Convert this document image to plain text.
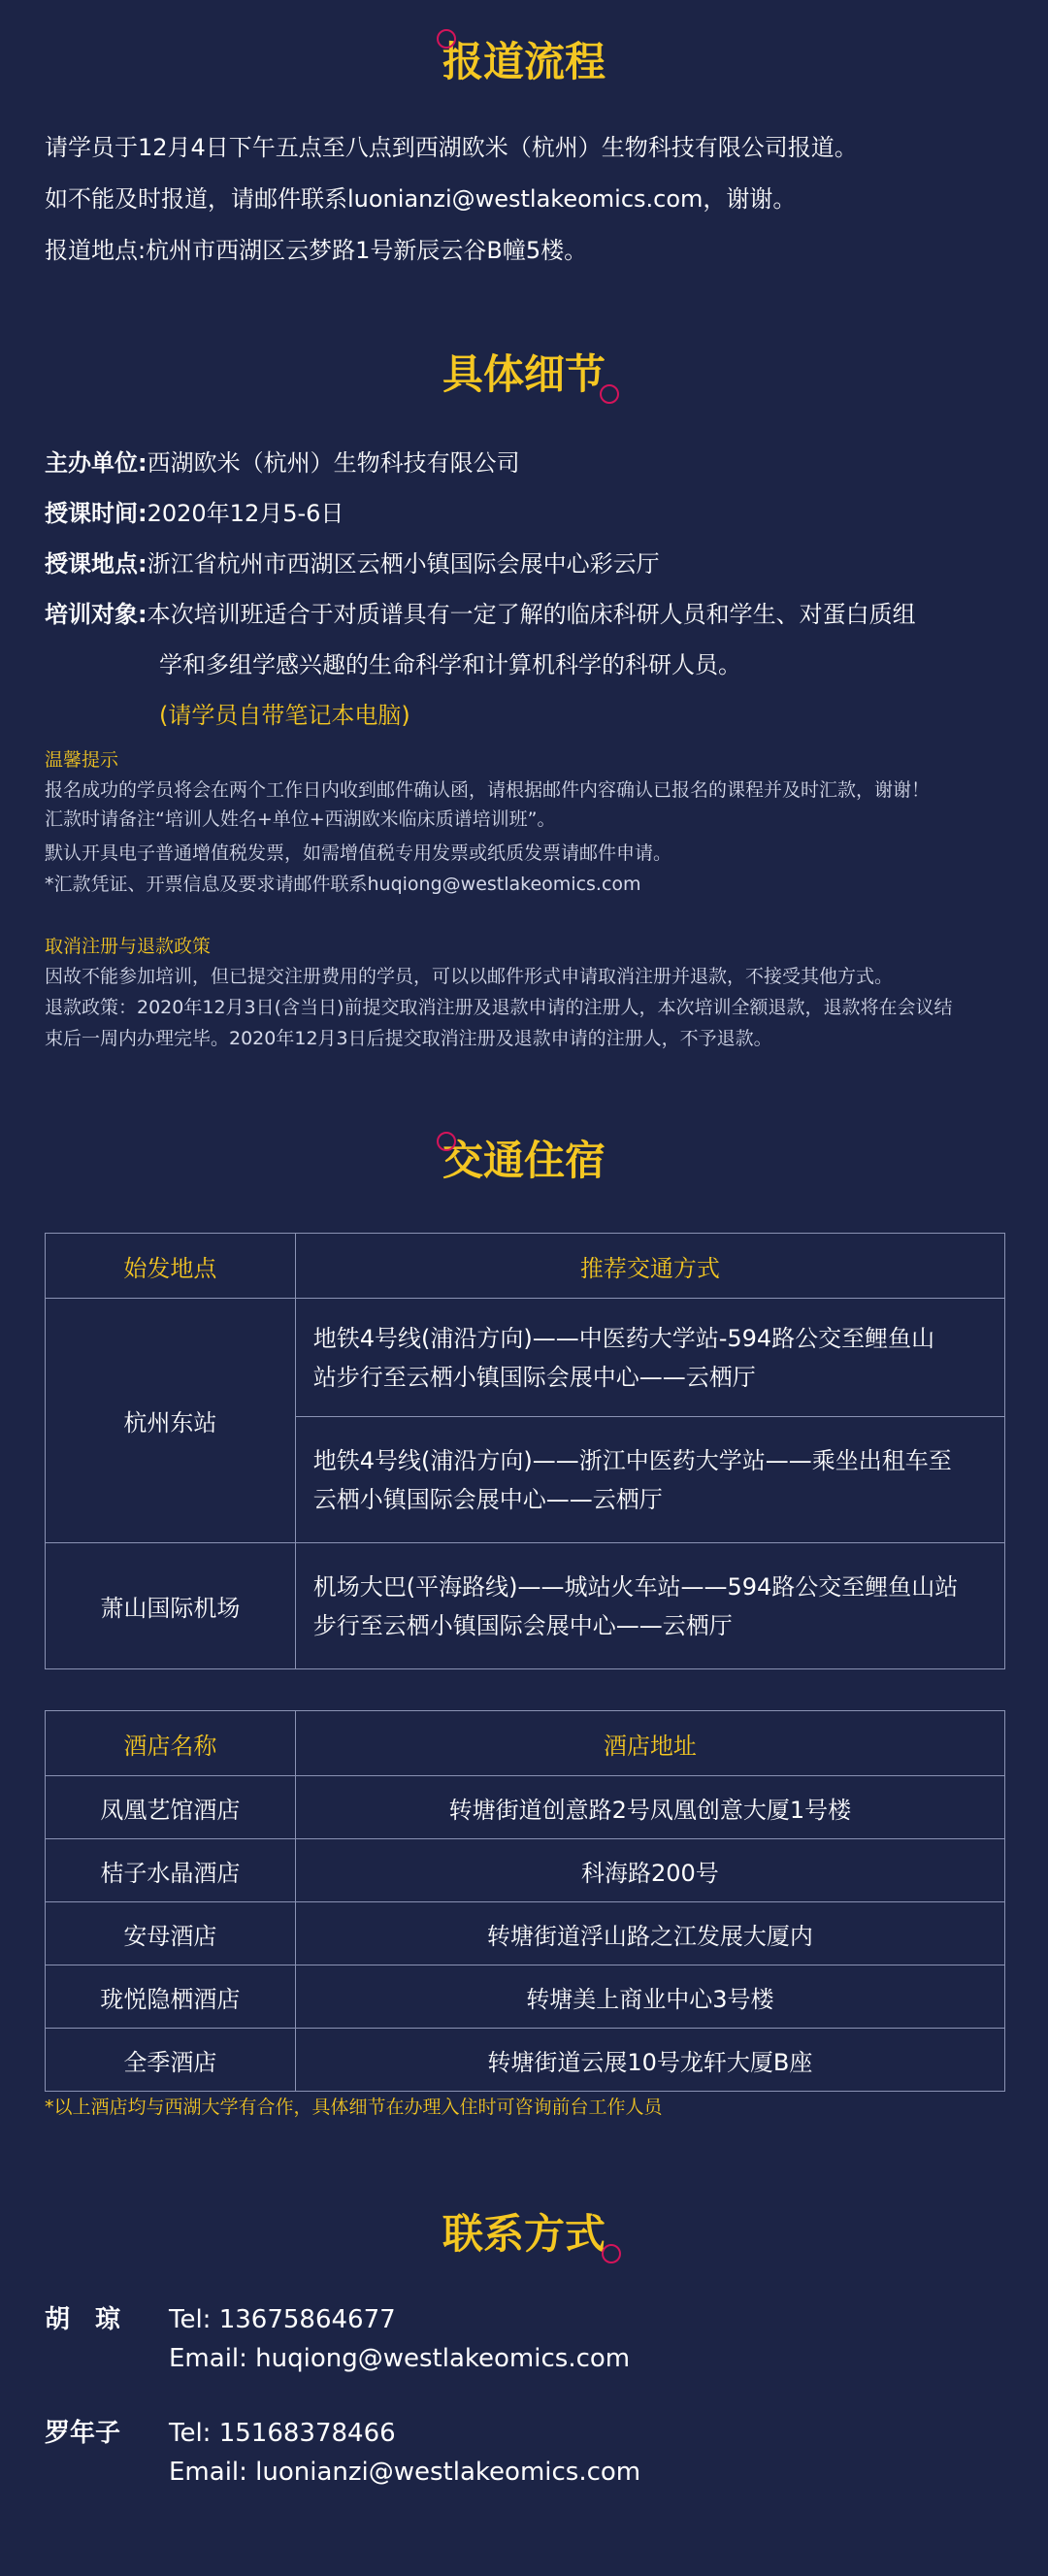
报道流程

请学员于12月4日下午五点至八点到西湖欧米（杭州）生物科技有限公司报道。

如不能及时报道，请邮件联系luonianzi@westlakeomics.com，谢谢。

报道地点:杭州市西湖区云梦路1号新辰云谷B幢5楼。

具体细节

主办单位:西湖欧米（杭州）生物科技有限公司

授课时间:2020年12月5-6日

授课地点:浙江省杭州市西湖区云栖小镇国际会展中心彩云厅

培训对象:本次培训班适合于对质谱具有一定了解的临床科研人员和学生、对蛋白质组

学和多组学感兴趣的生命科学和计算机科学的科研人员。

(请学员自带笔记本电脑)

温馨提示

报名成功的学员将会在两个工作日内收到邮件确认函，请根据邮件内容确认已报名的课程并及时汇款，谢谢！

汇款时请备注“培训人姓名+单位+西湖欧米临床质谱培训班”。

默认开具电子普通增值税发票，如需增值税专用发票或纸质发票请邮件申请。

*汇款凭证、开票信息及要求请邮件联系huqiong@westlakeomics.com

取消注册与退款政策

因故不能参加培训，但已提交注册费用的学员，可以以邮件形式申请取消注册并退款，不接受其他方式。

退款政策：2020年12月3日(含当日)前提交取消注册及退款申请的注册人，本次培训全额退款，退款将在会议结

束后一周内办理完毕。2020年12月3日后提交取消注册及退款申请的注册人，不予退款。

交通住宿
始发地点	推荐交通方式
杭州东站	地铁4号线(浦沿方向)——中医药大学站-594路公交至鲤鱼山
站步行至云栖小镇国际会展中心——云栖厅

	地铁4号线(浦沿方向)——浙江中医药大学站——乘坐出租车至
云栖小镇国际会展中心——云栖厅

萧山国际机场	机场大巴(平海路线)——城站火车站——594路公交至鲤鱼山站
步行至云栖小镇国际会展中心——云栖厅
酒店名称	酒店地址
凤凰艺馆酒店	转塘街道创意路2号凤凰创意大厦1号楼
桔子水晶酒店	科海路200号
安母酒店	转塘街道浮山路之江发展大厦内
珑悦隐栖酒店	转塘美上商业中心3号楼
全季酒店	转塘街道云展10号龙轩大厦B座

*以上酒店均与西湖大学有合作，具体细节在办理入住时可咨询前台工作人员

联系方式
胡　琼	Tel: 13675864677
Email: huqiong@westlakeomics.com
罗年子	Tel: 15168378466
Email: luonianzi@westlakeomics.com
